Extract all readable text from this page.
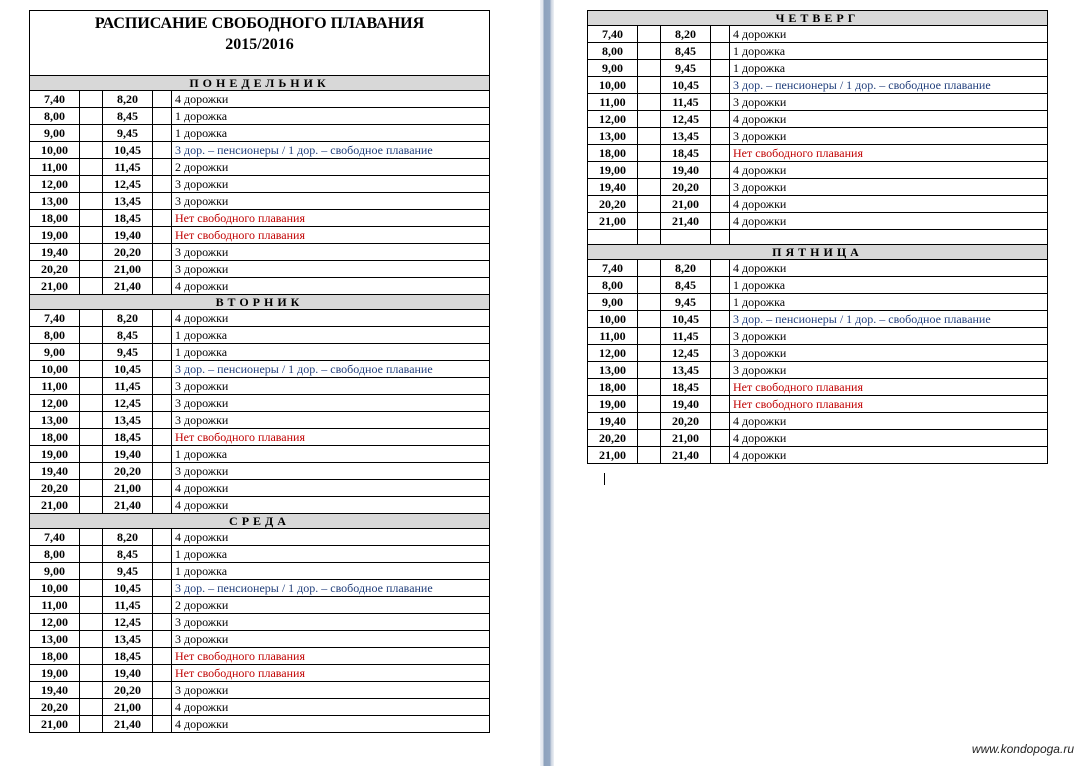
РАСПИСАНИЕ СВОБОДНОГО ПЛАВАНИЯ
2015/2016				

ПОНЕДЕЛЬНИК				
7,40		8,20		4 дорожки
8,00		8,45		1 дорожка
9,00		9,45		1 дорожка
10,00		10,45		3 дор. – пенсионеры / 1 дор. – свободное плавание
11,00		11,45		2 дорожки
12,00		12,45		3 дорожки
13,00		13,45		3 дорожки
18,00		18,45		Нет свободного плавания
19,00		19,40		Нет свободного плавания
19,40		20,20		3 дорожки
20,20		21,00		3 дорожки
21,00		21,40		4 дорожки
ВТОРНИК				
7,40		8,20		4 дорожки
8,00		8,45		1 дорожка
9,00		9,45		1 дорожка
10,00		10,45		3 дор. – пенсионеры / 1 дор. – свободное плавание
11,00		11,45		3 дорожки
12,00		12,45		3 дорожки
13,00		13,45		3 дорожки
18,00		18,45		Нет свободного плавания
19,00		19,40		1 дорожка
19,40		20,20		3 дорожки
20,20		21,00		4 дорожки
21,00		21,40		4 дорожки
СРЕДА				
7,40		8,20		4 дорожки
8,00		8,45		1 дорожка
9,00		9,45		1 дорожка
10,00		10,45		3 дор. – пенсионеры / 1 дор. – свободное плавание
11,00		11,45		2 дорожки
12,00		12,45		3 дорожки
13,00		13,45		3 дорожки
18,00		18,45		Нет свободного плавания
19,00		19,40		Нет свободного плавания
19,40		20,20		3 дорожки
20,20		21,00		4 дорожки
21,00		21,40		4 дорожки
ЧЕТВЕРГ				
7,40		8,20		4 дорожки
8,00		8,45		1 дорожка
9,00		9,45		1 дорожка
10,00		10,45		3 дор. – пенсионеры / 1 дор. – свободное плавание
11,00		11,45		3 дорожки
12,00		12,45		4 дорожки
13,00		13,45		3 дорожки
18,00		18,45		Нет свободного плавания
19,00		19,40		4 дорожки
19,40		20,20		3 дорожки
20,20		21,00		4 дорожки
21,00		21,40		4 дорожки

ПЯТНИЦА				
7,40		8,20		4 дорожки
8,00		8,45		1 дорожка
9,00		9,45		1 дорожка
10,00		10,45		3 дор. – пенсионеры / 1 дор. – свободное плавание
11,00		11,45		3 дорожки
12,00		12,45		3 дорожки
13,00		13,45		3 дорожки
18,00		18,45		Нет свободного плавания
19,00		19,40		Нет свободного плавания
19,40		20,20		4 дорожки
20,20		21,00		4 дорожки
21,00		21,40		4 дорожки
www.kondopoga.ru
